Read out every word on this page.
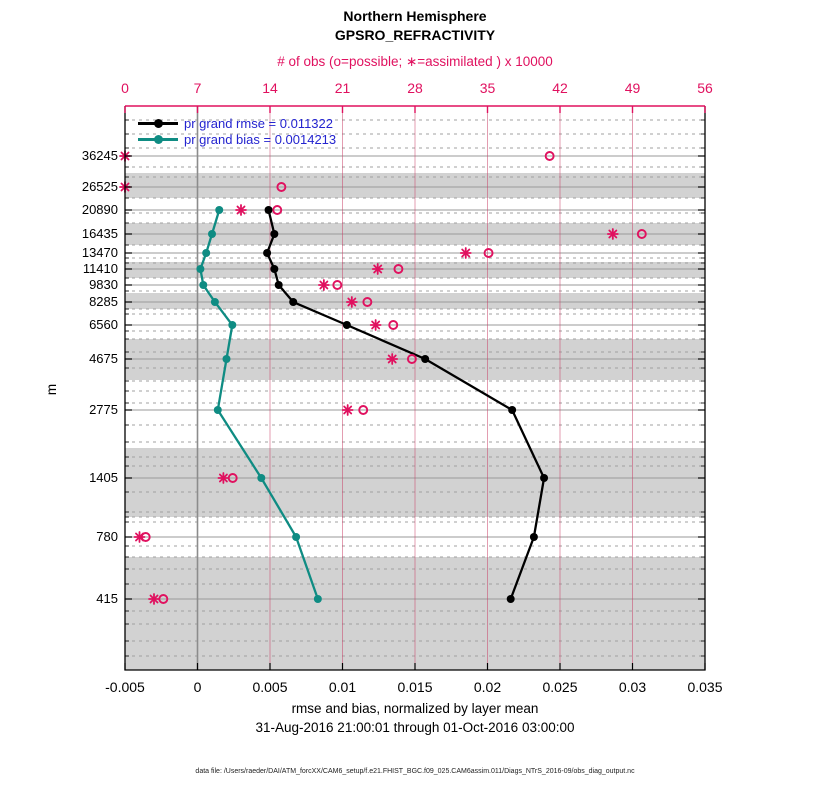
Northern Hemisphere
GPSRO_REFRACTIVITY
# of obs (o=possible; ∗=assimilated ) x 10000
pr grand rmse = 0.011322
pr grand bias = 0.0014213
m
0	7	14	21	28	35	42	49	56
-0.005	0	0.005	0.01	0.015	0.02	0.025	0.03	0.035
36245
26525
20890
16435
13470
11410
9830
8285
6560
4675
2775
1405
780
415
rmse and bias, normalized by layer mean
31-Aug-2016 21:00:01 through 01-Oct-2016 03:00:00
data file: /Users/raeder/DAI/ATM_forcXX/CAM6_setup/f.e21.FHIST_BGC.f09_025.CAM6assim.011/Diags_NTrS_2016-09/obs_diag_output.nc
